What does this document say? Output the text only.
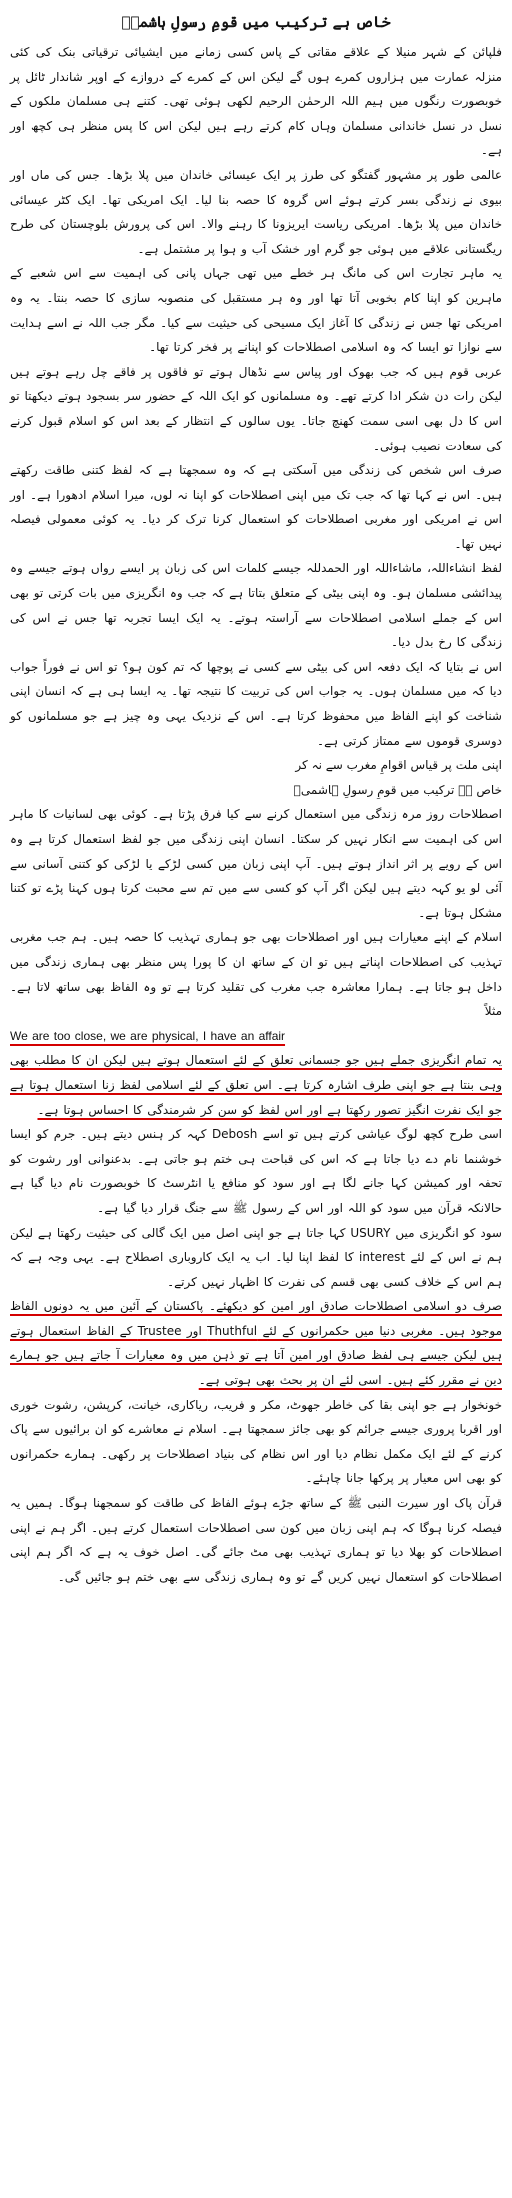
خاص ہے ترکیب میں قومِ رسولِ ہاشمیؐ

فلپائن کے شہر منیلا کے علاقے مقاتی کے پاس کسی زمانے میں ایشیائی ترقیاتی بنک کی کئی منزلہ عمارت میں ہزاروں کمرے ہوں گے لیکن اس کے کمرے کے دروازے کے اوپر شاندار ٹائل پر خوبصورت رنگوں میں ہیم اللہ الرحمٰن الرحیم لکھی ہوئی تھی۔ کتنے ہی مسلمان ملکوں کے نسل در نسل خاندانی مسلمان وہاں کام کرتے رہے ہیں لیکن اس کا پس منظر ہی کچھ اور ہے۔

عالمی طور پر مشہور گفتگو کی طرز پر ایک عیسائی خاندان میں پلا بڑھا۔ جس کی ماں اور بیوی نے زندگی بسر کرتے ہوئے اس گروہ کا حصہ بنا لیا۔ ایک امریکی تھا۔ ایک کٹر عیسائی خاندان میں پلا بڑھا۔ امریکی ریاست ایریزونا کا رہنے والا۔ اس کی پرورش بلوچستان کی طرح ریگستانی علاقے میں ہوئی جو گرم اور خشک آب و ہوا پر مشتمل ہے۔

یہ ماہر تجارت اس کی مانگ ہر خطے میں تھی جہاں پانی کی اہمیت سے اس شعبے کے ماہرین کو اپنا کام بخوبی آتا تھا اور وہ ہر مستقبل کی منصوبہ سازی کا حصہ بنتا۔ یہ وہ امریکی تھا جس نے زندگی کا آغاز ایک مسیحی کی حیثیت سے کیا۔ مگر جب اللہ نے اسے ہدایت سے نوازا تو ایسا کہ وہ اسلامی اصطلاحات کو اپنانے پر فخر کرتا تھا۔

عربی قوم ہیں کہ جب بھوک اور پیاس سے نڈھال ہوتے تو فاقوں پر فاقے چل رہے ہوتے ہیں لیکن رات دن شکر ادا کرتے تھے۔ وہ مسلمانوں کو ایک اللہ کے حضور سر بسجود ہوتے دیکھتا تو اس کا دل بھی اسی سمت کھنچ جاتا۔ یوں سالوں کے انتظار کے بعد اس کو اسلام قبول کرنے کی سعادت نصیب ہوئی۔

صرف اس شخص کی زندگی میں آسکتی ہے کہ وہ سمجھتا ہے کہ لفظ کتنی طاقت رکھتے ہیں۔ اس نے کہا تھا کہ جب تک میں اپنی اصطلاحات کو اپنا نہ لوں، میرا اسلام ادھورا ہے۔ اور اس نے امریکی اور مغربی اصطلاحات کو استعمال کرنا ترک کر دیا۔ یہ کوئی معمولی فیصلہ نہیں تھا۔

لفظ انشاءاللہ، ماشاءاللہ اور الحمدللہ جیسے کلمات اس کی زبان پر ایسے رواں ہوتے جیسے وہ پیدائشی مسلمان ہو۔ وہ اپنی بیٹی کے متعلق بتاتا ہے کہ جب وہ انگریزی میں بات کرتی تو بھی اس کے جملے اسلامی اصطلاحات سے آراستہ ہوتے۔ یہ ایک ایسا تجربہ تھا جس نے اس کی زندگی کا رخ بدل دیا۔

اس نے بتایا کہ ایک دفعہ اس کی بیٹی سے کسی نے پوچھا کہ تم کون ہو؟ تو اس نے فوراً جواب دیا کہ میں مسلمان ہوں۔ یہ جواب اس کی تربیت کا نتیجہ تھا۔ یہ ایسا ہی ہے کہ انسان اپنی شناخت کو اپنے الفاظ میں محفوظ کرتا ہے۔ اس کے نزدیک یہی وہ چیز ہے جو مسلمانوں کو دوسری قوموں سے ممتاز کرتی ہے۔

اپنی ملت پر قیاس اقوامِ مغرب سے نہ کر

خاص ہے ترکیب میں قومِ رسولِ ہاشمیؐ

اصطلاحات روز مرہ زندگی میں استعمال کرنے سے کیا فرق پڑتا ہے۔ کوئی بھی لسانیات کا ماہر اس کی اہمیت سے انکار نہیں کر سکتا۔ انسان اپنی زندگی میں جو لفظ استعمال کرتا ہے وہ اس کے رویے پر اثر انداز ہوتے ہیں۔ آپ اپنی زبان میں کسی لڑکے یا لڑکی کو کتنی آسانی سے آئی لو یو کہہ دیتے ہیں لیکن اگر آپ کو کسی سے میں تم سے محبت کرتا ہوں کہنا پڑے تو کتنا مشکل ہوتا ہے۔

اسلام کے اپنے معیارات ہیں اور اصطلاحات بھی جو ہماری تہذیب کا حصہ ہیں۔ ہم جب مغربی تہذیب کی اصطلاحات اپناتے ہیں تو ان کے ساتھ ان کا پورا پس منظر بھی ہماری زندگی میں داخل ہو جاتا ہے۔ ہمارا معاشرہ جب مغرب کی تقلید کرتا ہے تو وہ الفاظ بھی ساتھ لاتا ہے۔ مثلاً

We are too close, we are physical, I have an affair

یہ تمام انگریزی جملے ہیں جو جسمانی تعلق کے لئے استعمال ہوتے ہیں لیکن ان کا مطلب بھی وہی بنتا ہے جو اپنی طرف اشارہ کرتا ہے۔ اس تعلق کے لئے اسلامی لفظ زنا استعمال ہوتا ہے جو ایک نفرت انگیز تصور رکھتا ہے اور اس لفظ کو سن کر شرمندگی کا احساس ہوتا ہے۔

اسی طرح کچھ لوگ عیاشی کرتے ہیں تو اسے Debosh کہہ کر ہنس دیتے ہیں۔ جرم کو ایسا خوشنما نام دے دیا جاتا ہے کہ اس کی قباحت ہی ختم ہو جاتی ہے۔ بدعنوانی اور رشوت کو تحفہ اور کمیشن کہا جانے لگا ہے اور سود کو منافع یا انٹرسٹ کا خوبصورت نام دیا گیا ہے حالانکہ قرآن میں سود کو اللہ اور اس کے رسول ﷺ سے جنگ قرار دیا گیا ہے۔

سود کو انگریزی میں USURY کہا جاتا ہے جو اپنی اصل میں ایک گالی کی حیثیت رکھتا ہے لیکن ہم نے اس کے لئے interest کا لفظ اپنا لیا۔ اب یہ ایک کاروباری اصطلاح ہے۔ یہی وجہ ہے کہ ہم اس کے خلاف کسی بھی قسم کی نفرت کا اظہار نہیں کرتے۔

صرف دو اسلامی اصطلاحات صادق اور امین کو دیکھئے۔ پاکستان کے آئین میں یہ دونوں الفاظ موجود ہیں۔ مغربی دنیا میں حکمرانوں کے لئے Thuthful اور Trustee کے الفاظ استعمال ہوتے ہیں لیکن جیسے ہی لفظ صادق اور امین آتا ہے تو ذہن میں وہ معیارات آ جاتے ہیں جو ہمارے دین نے مقرر کئے ہیں۔ اسی لئے ان پر بحث بھی ہوتی ہے۔

خونخوار ہے جو اپنی بقا کی خاطر جھوٹ، مکر و فریب، ریاکاری، خیانت، کرپشن، رشوت خوری اور اقربا پروری جیسے جرائم کو بھی جائز سمجھتا ہے۔ اسلام نے معاشرے کو ان برائیوں سے پاک کرنے کے لئے ایک مکمل نظام دیا اور اس نظام کی بنیاد اصطلاحات پر رکھی۔ ہمارے حکمرانوں کو بھی اس معیار پر پرکھا جانا چاہئے۔

قرآن پاک اور سیرت النبی ﷺ کے ساتھ جڑے ہوئے الفاظ کی طاقت کو سمجھنا ہوگا۔ ہمیں یہ فیصلہ کرنا ہوگا کہ ہم اپنی زبان میں کون سی اصطلاحات استعمال کرتے ہیں۔ اگر ہم نے اپنی اصطلاحات کو بھلا دیا تو ہماری تہذیب بھی مٹ جائے گی۔ اصل خوف یہ ہے کہ اگر ہم اپنی اصطلاحات کو استعمال نہیں کریں گے تو وہ ہماری زندگی سے بھی ختم ہو جائیں گی۔
